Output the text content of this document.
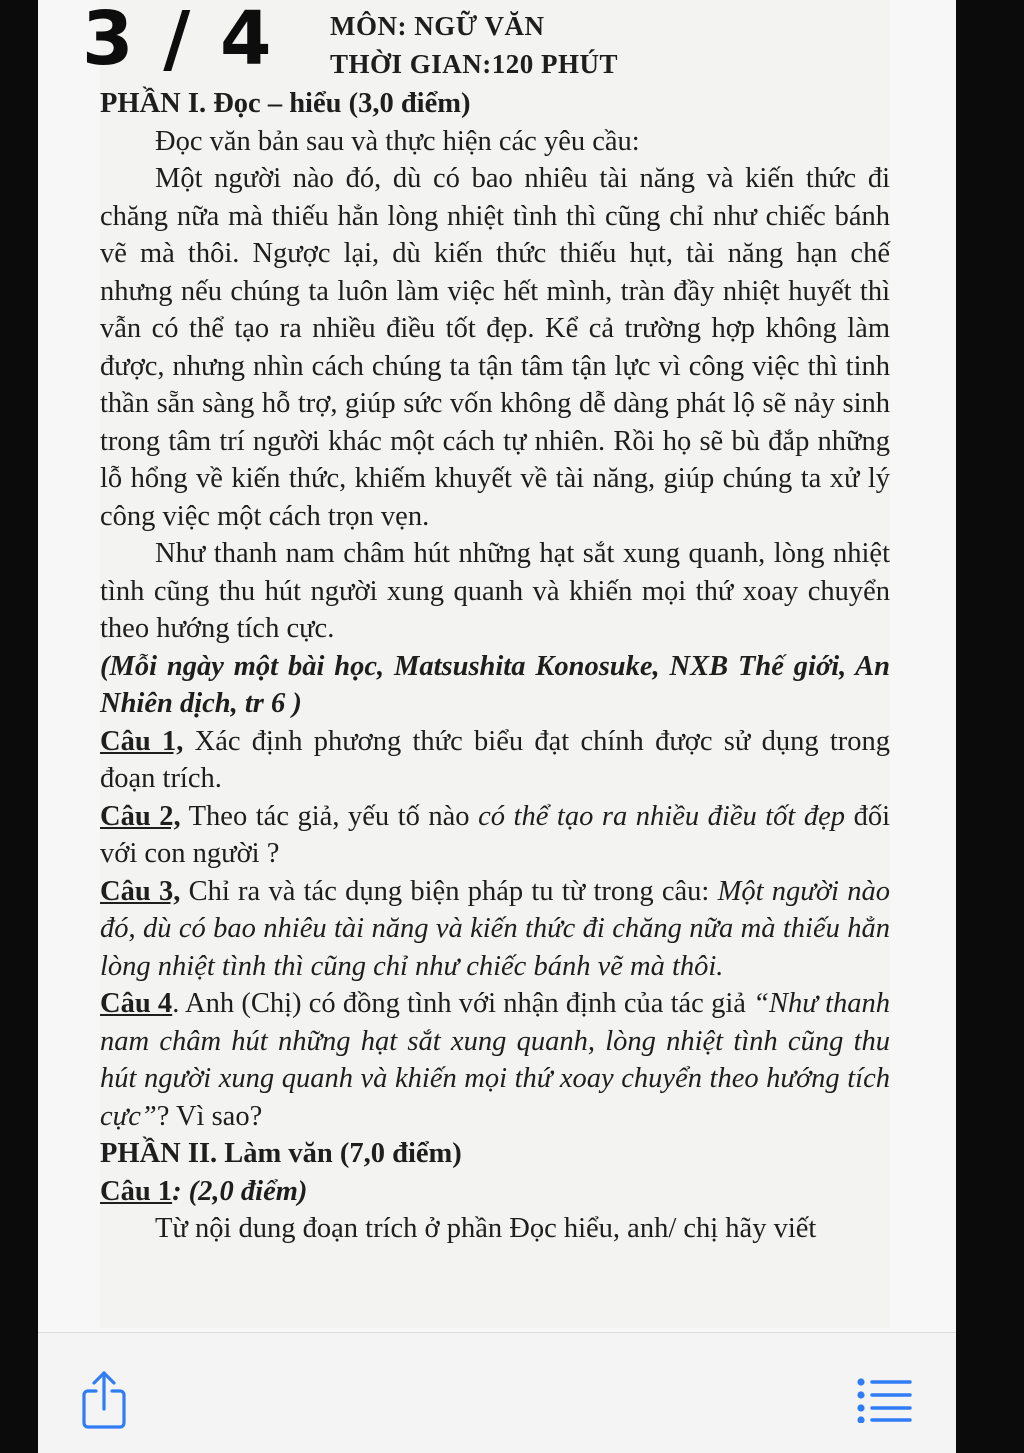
MÔN: NGỮ VĂN
THỜI GIAN:120 PHÚT

PHẦN I. Đọc – hiểu (3,0 điểm)

Đọc văn bản sau và thực hiện các yêu cầu:

Một người nào đó, dù có bao nhiêu tài năng và kiến thức đi chăng nữa mà thiếu hẳn lòng nhiệt tình thì cũng chỉ như chiếc bánh vẽ mà thôi. Ngược lại, dù kiến thức thiếu hụt, tài năng hạn chế nhưng nếu chúng ta luôn làm việc hết mình, tràn đầy nhiệt huyết thì vẫn có thể tạo ra nhiều điều tốt đẹp. Kể cả trường hợp không làm được, nhưng nhìn cách chúng ta tận tâm tận lực vì công việc thì tinh thần sẵn sàng hỗ trợ, giúp sức vốn không dễ dàng phát lộ sẽ nảy sinh trong tâm trí người khác một cách tự nhiên. Rồi họ sẽ bù đắp những lỗ hổng về kiến thức, khiếm khuyết về tài năng, giúp chúng ta xử lý công việc một cách trọn vẹn.

Như thanh nam châm hút những hạt sắt xung quanh, lòng nhiệt tình cũng thu hút người xung quanh và khiến mọi thứ xoay chuyển theo hướng tích cực.

(Mỗi ngày một bài học, Matsushita Konosuke, NXB Thế giới, An Nhiên dịch, tr 6 )

Câu 1, Xác định phương thức biểu đạt chính được sử dụng trong đoạn trích.

Câu 2, Theo tác giả, yếu tố nào có thể tạo ra nhiều điều tốt đẹp đối với con người ?

Câu 3, Chỉ ra và tác dụng biện pháp tu từ trong câu: Một người nào đó, dù có bao nhiêu tài năng và kiến thức đi chăng nữa mà thiếu hẳn lòng nhiệt tình thì cũng chỉ như chiếc bánh vẽ mà thôi.

Câu 4. Anh (Chị) có đồng tình với nhận định của tác giả “Như thanh nam châm hút những hạt sắt xung quanh, lòng nhiệt tình cũng thu hút người xung quanh và khiến mọi thứ xoay chuyển theo hướng tích cực”? Vì sao?

PHẦN II. Làm văn (7,0 điểm)

Câu 1: (2,0 điểm)

Từ nội dung đoạn trích ở phần Đọc hiểu, anh/ chị hãy viết

3 / 4
